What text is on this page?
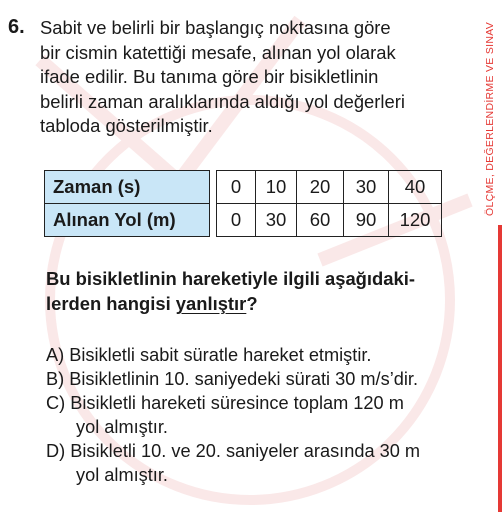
6. Sabit ve belirli bir başlangıç noktasına göre
bir cismin katettiği mesafe, alınan yol olarak
ifade edilir. Bu tanıma göre bir bisikletlinin
belirli zaman aralıklarında aldığı yol değerleri
tabloda gösterilmiştir.
Zaman (s)		0	10	20	30	40
Alınan Yol (m)		0	30	60	90	120
Bu bisikletlinin hareketiyle ilgili aşağıdaki-
lerden hangisi yanlıştır?
A) Bisikletli sabit süratle hareket etmiştir.
B) Bisikletlinin 10. saniyedeki sürati 30 m/s’dir.
C) Bisikletli hareketi süresince toplam 120 m
yol almıştır.
D) Bisikletli 10. ve 20. saniyeler arasında 30 m
yol almıştır.
ÖLÇME, DEĞERLENDİRME VE SINAV
